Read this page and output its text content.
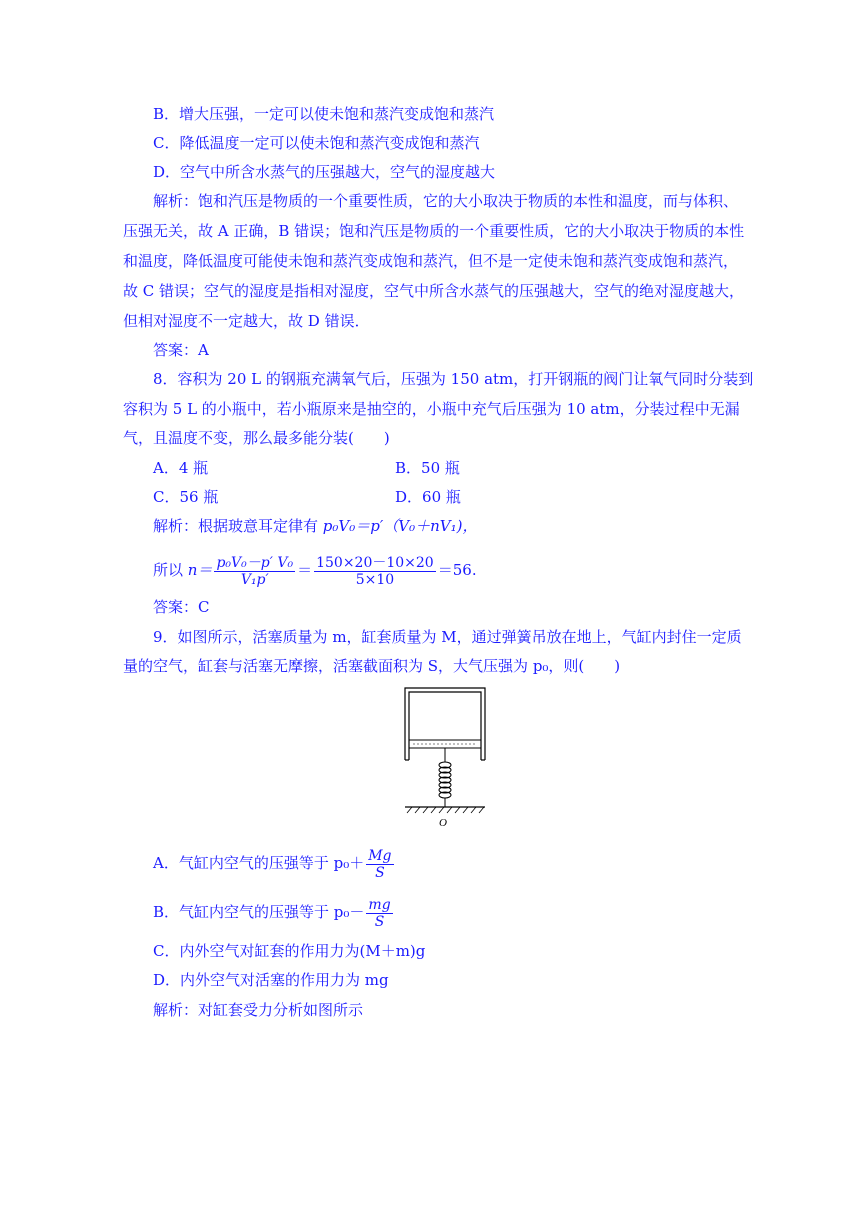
B．增大压强，一定可以使未饱和蒸汽变成饱和蒸汽
C．降低温度一定可以使未饱和蒸汽变成饱和蒸汽
D．空气中所含水蒸气的压强越大，空气的湿度越大
解析：饱和汽压是物质的一个重要性质，它的大小取决于物质的本性和温度，而与体积、
压强无关，故 A 正确，B 错误；饱和汽压是物质的一个重要性质，它的大小取决于物质的本性
和温度，降低温度可能使未饱和蒸汽变成饱和蒸汽，但不是一定使未饱和蒸汽变成饱和蒸汽，
故 C 错误；空气的湿度是指相对湿度，空气中所含水蒸气的压强越大，空气的绝对湿度越大，
但相对湿度不一定越大，故 D 错误．
答案：A
8．容积为 20 L 的钢瓶充满氧气后，压强为 150 atm，打开钢瓶的阀门让氧气同时分装到
容积为 5 L 的小瓶中，若小瓶原来是抽空的，小瓶中充气后压强为 10 atm，分装过程中无漏
气，且温度不变，那么最多能分装(　　)
A．4 瓶	B．50 瓶
C．56 瓶	D．60 瓶
解析：根据玻意耳定律有 p₀V₀＝p′（V₀＋nV₁)，
所以 $n= \frac{\text{p₀V₀－p′ V₀}}{\text{V₁p′}} = \frac{150\times 20-10\times 20}{5\times 10} =56$.
答案：C
9．如图所示，活塞质量为 m，缸套质量为 M，通过弹簧吊放在地上，气缸内封住一定质
量的空气，缸套与活塞无摩擦，活塞截面积为 S，大气压强为 p₀，则(　　)
O
A．气缸内空气的压强等于 $p_0+ \frac{Mg}{S}$
B．气缸内空气的压强等于 $p_0- \frac{mg}{S}$
C．内外空气对缸套的作用力为(M＋m)g
D．内外空气对活塞的作用力为 mg
解析：对缸套受力分析如图所示
